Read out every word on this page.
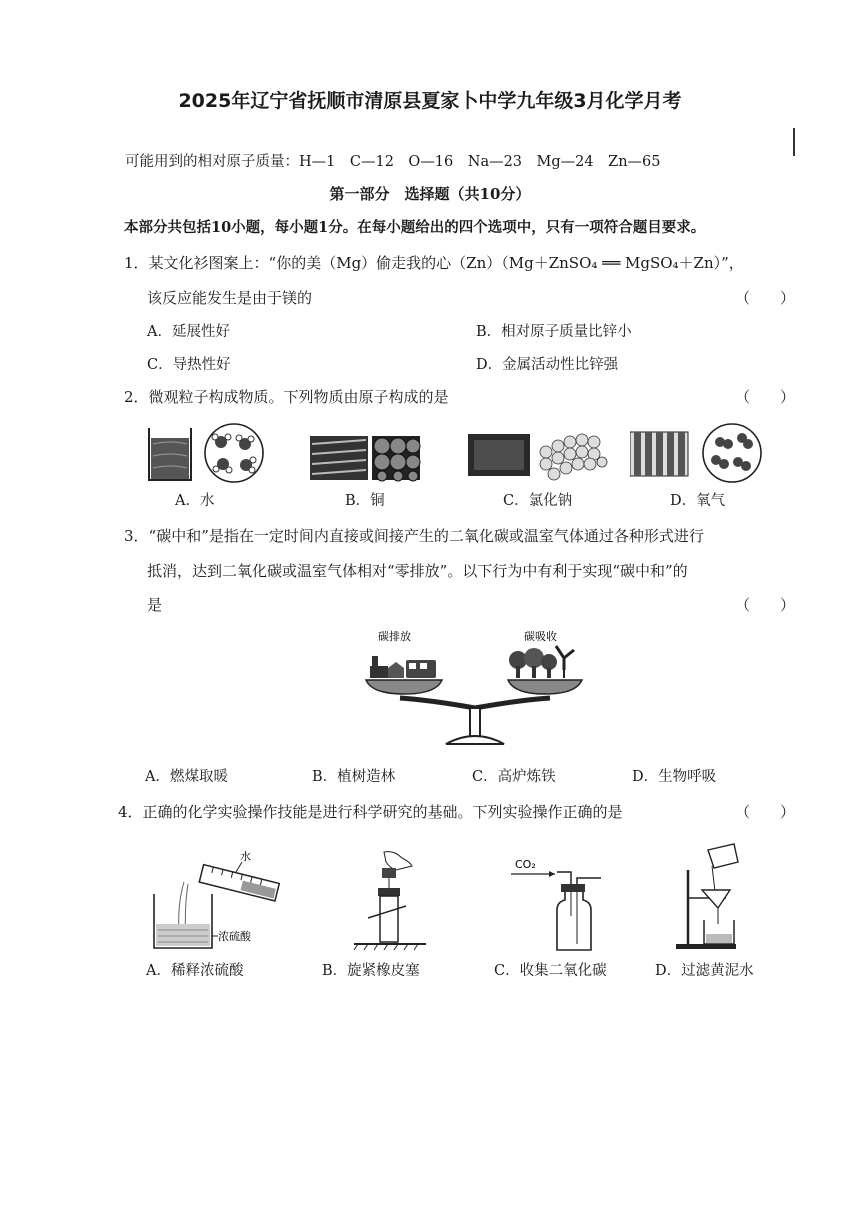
2025年辽宁省抚顺市清原县夏家卜中学九年级3月化学月考
可能用到的相对原子质量：H—1　C—12　O—16　Na—23　Mg—24　Zn—65
第一部分　选择题（共10分）
本部分共包括10小题，每小题1分。在每小题给出的四个选项中，只有一项符合题目要求。
1．某文化衫图案上：“你的美（Mg）偷走我的心（Zn）（Mg＋ZnSO₄ ══ MgSO₄＋Zn）”，
该反应能发生是由于镁的	（　　）
A．延展性好	B．相对原子质量比锌小
C．导热性好	D．金属活动性比锌强
2．微观粒子构成物质。下列物质由原子构成的是	（　　）
A．水	B．铜	C．氯化钠	D．氧气
3．“碳中和”是指在一定时间内直接或间接产生的二氧化碳或温室气体通过各种形式进行
抵消，达到二氧化碳或温室气体相对“零排放”。以下行为中有利于实现“碳中和”的
是	（　　）
碳排放	碳吸收
A．燃煤取暖	B．植树造林	C．高炉炼铁	D．生物呼吸
4．正确的化学实验操作技能是进行科学研究的基础。下列实验操作正确的是	（　　）
水
浓硫酸
CO₂
A．稀释浓硫酸	B．旋紧橡皮塞	C．收集二氧化碳	D．过滤黄泥水
